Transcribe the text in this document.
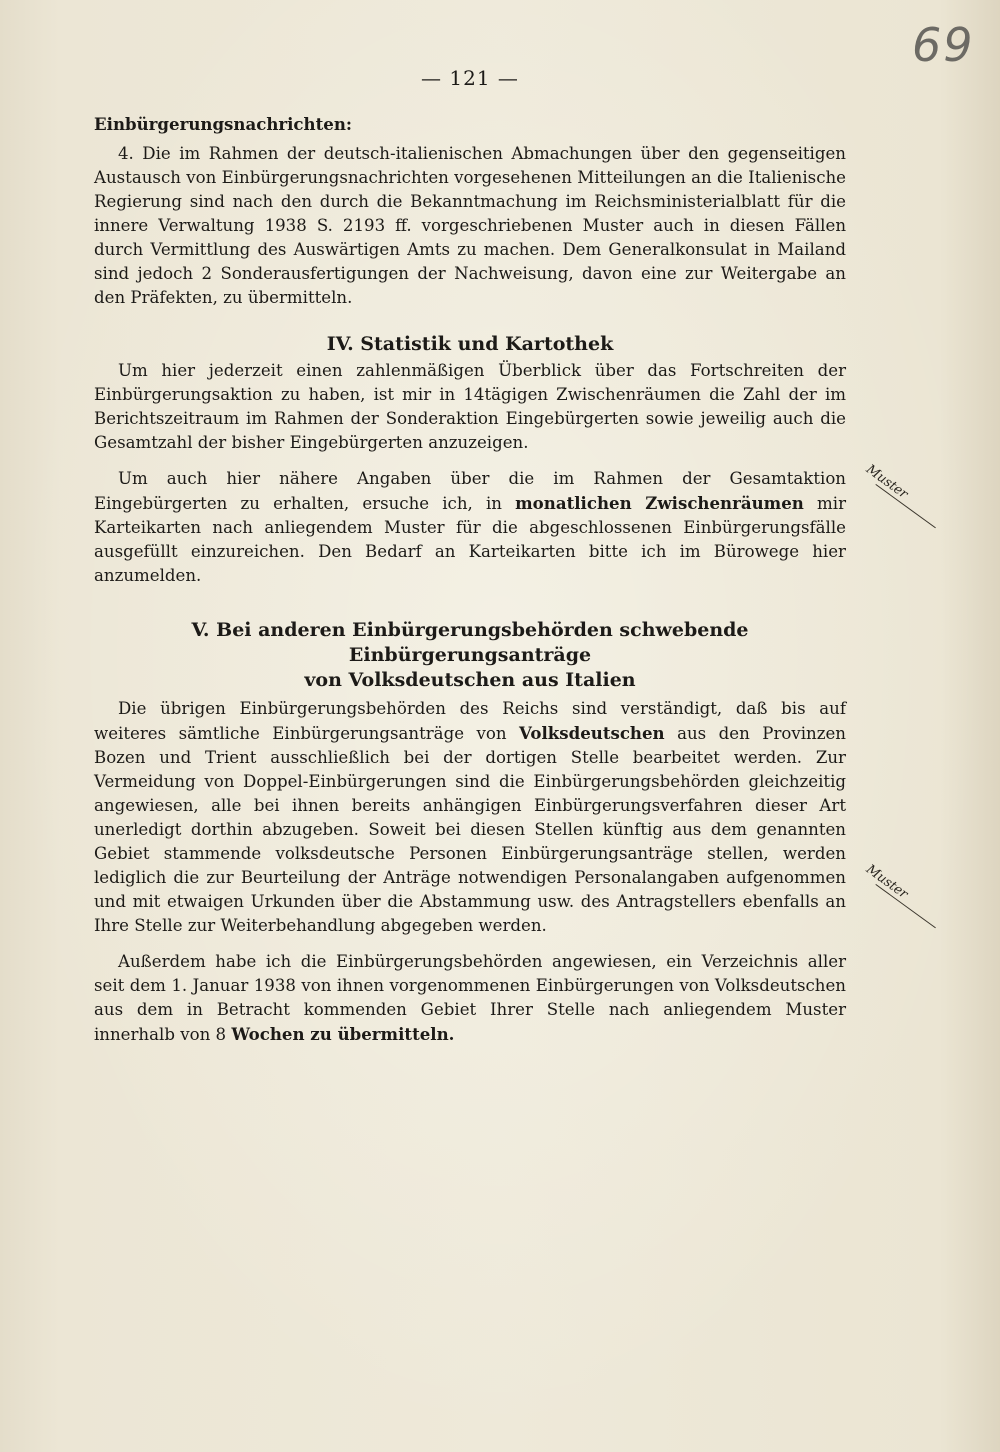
— 121 —
69

Einbürgerungsnachrichten:

4. Die im Rahmen der deutsch-italienischen Abmachungen über den gegenseitigen Austausch von Einbürgerungsnachrichten vorgesehenen Mitteilungen an die Italienische Regierung sind nach den durch die Bekanntmachung im Reichsministerialblatt für die innere Verwaltung 1938 S. 2193 ff. vorgeschriebenen Muster auch in diesen Fällen durch Vermittlung des Auswärtigen Amts zu machen. Dem Generalkonsulat in Mailand sind jedoch 2 Sonderausfertigungen der Nachweisung, davon eine zur Weitergabe an den Präfekten, zu übermitteln.

IV. Statistik und Kartothek

Um hier jederzeit einen zahlenmäßigen Überblick über das Fortschreiten der Einbürgerungsaktion zu haben, ist mir in 14tägigen Zwischenräumen die Zahl der im Berichtszeitraum im Rahmen der Sonderaktion Eingebürgerten sowie jeweilig auch die Gesamtzahl der bisher Eingebürgerten anzuzeigen.

Um auch hier nähere Angaben über die im Rahmen der Gesamtaktion Eingebürgerten zu erhalten, ersuche ich, in monatlichen Zwischenräumen mir Karteikarten nach anliegendem Muster für die abgeschlossenen Einbürgerungsfälle ausgefüllt einzureichen. Den Bedarf an Karteikarten bitte ich im Bürowege hier anzumelden.

V. Bei anderen Einbürgerungsbehörden schwebende Einbürgerungsanträge
von Volksdeutschen aus Italien

Die übrigen Einbürgerungsbehörden des Reichs sind verständigt, daß bis auf weiteres sämtliche Einbürgerungsanträge von Volksdeutschen aus den Provinzen Bozen und Trient ausschließlich bei der dortigen Stelle bearbeitet werden. Zur Vermeidung von Doppel-Einbürgerungen sind die Einbürgerungsbehörden gleichzeitig angewiesen, alle bei ihnen bereits anhängigen Einbürgerungsverfahren dieser Art unerledigt dorthin abzugeben. Soweit bei diesen Stellen künftig aus dem genannten Gebiet stammende volksdeutsche Personen Einbürgerungsanträge stellen, werden lediglich die zur Beurteilung der Anträge notwendigen Personalangaben aufgenommen und mit etwaigen Urkunden über die Abstammung usw. des Antragstellers ebenfalls an Ihre Stelle zur Weiterbehandlung abgegeben werden.

Außerdem habe ich die Einbürgerungsbehörden angewiesen, ein Verzeichnis aller seit dem 1. Januar 1938 von ihnen vorgenommenen Einbürgerungen von Volksdeutschen aus dem in Betracht kommenden Gebiet Ihrer Stelle nach anliegendem Muster innerhalb von 8 Wochen zu übermitteln.

Muster
Muster
